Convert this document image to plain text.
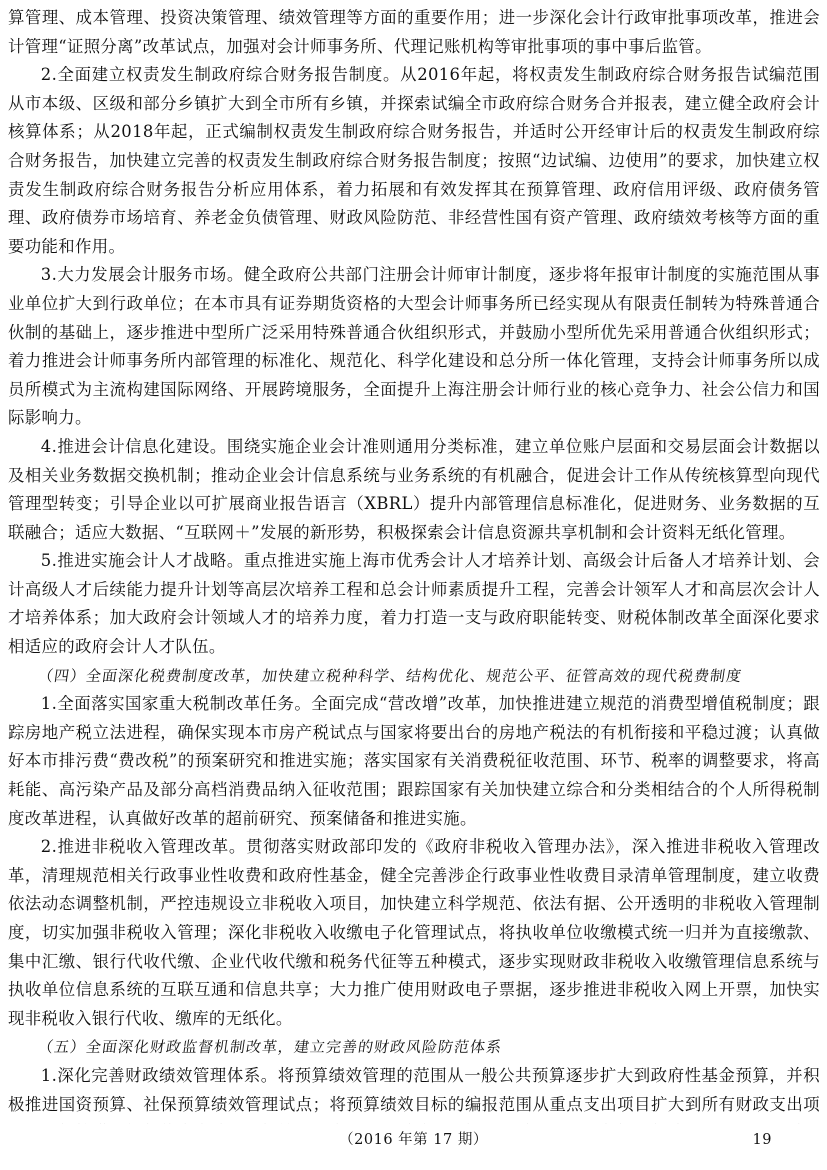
算管理、成本管理、投资决策管理、绩效管理等方面的重要作用；进一步深化会计行政审批事项改革，推进会计管理“证照分离”改革试点，加强对会计师事务所、代理记账机构等审批事项的事中事后监管。

2.全面建立权责发生制政府综合财务报告制度。从2016年起，将权责发生制政府综合财务报告试编范围从市本级、区级和部分乡镇扩大到全市所有乡镇，并探索试编全市政府综合财务合并报表，建立健全政府会计核算体系；从2018年起，正式编制权责发生制政府综合财务报告，并适时公开经审计后的权责发生制政府综合财务报告，加快建立完善的权责发生制政府综合财务报告制度；按照“边试编、边使用”的要求，加快建立权责发生制政府综合财务报告分析应用体系，着力拓展和有效发挥其在预算管理、政府信用评级、政府债务管理、政府债券市场培育、养老金负债管理、财政风险防范、非经营性国有资产管理、政府绩效考核等方面的重要功能和作用。

3.大力发展会计服务市场。健全政府公共部门注册会计师审计制度，逐步将年报审计制度的实施范围从事业单位扩大到行政单位；在本市具有证券期货资格的大型会计师事务所已经实现从有限责任制转为特殊普通合伙制的基础上，逐步推进中型所广泛采用特殊普通合伙组织形式，并鼓励小型所优先采用普通合伙组织形式；着力推进会计师事务所内部管理的标准化、规范化、科学化建设和总分所一体化管理，支持会计师事务所以成员所模式为主流构建国际网络、开展跨境服务，全面提升上海注册会计师行业的核心竞争力、社会公信力和国际影响力。

4.推进会计信息化建设。围绕实施企业会计准则通用分类标准，建立单位账户层面和交易层面会计数据以及相关业务数据交换机制；推动企业会计信息系统与业务系统的有机融合，促进会计工作从传统核算型向现代管理型转变；引导企业以可扩展商业报告语言（XBRL）提升内部管理信息标准化，促进财务、业务数据的互联融合；适应大数据、“互联网＋”发展的新形势，积极探索会计信息资源共享机制和会计资料无纸化管理。

5.推进实施会计人才战略。重点推进实施上海市优秀会计人才培养计划、高级会计后备人才培养计划、会计高级人才后续能力提升计划等高层次培养工程和总会计师素质提升工程，完善会计领军人才和高层次会计人才培养体系；加大政府会计领域人才的培养力度，着力打造一支与政府职能转变、财税体制改革全面深化要求相适应的政府会计人才队伍。

（四）全面深化税费制度改革，加快建立税种科学、结构优化、规范公平、征管高效的现代税费制度

1.全面落实国家重大税制改革任务。全面完成“营改增”改革，加快推进建立规范的消费型增值税制度；跟踪房地产税立法进程，确保实现本市房产税试点与国家将要出台的房地产税法的有机衔接和平稳过渡；认真做好本市排污费“费改税”的预案研究和推进实施；落实国家有关消费税征收范围、环节、税率的调整要求，将高耗能、高污染产品及部分高档消费品纳入征收范围；跟踪国家有关加快建立综合和分类相结合的个人所得税制度改革进程，认真做好改革的超前研究、预案储备和推进实施。

2.推进非税收入管理改革。贯彻落实财政部印发的《政府非税收入管理办法》，深入推进非税收入管理改革，清理规范相关行政事业性收费和政府性基金，健全完善涉企行政事业性收费目录清单管理制度，建立收费依法动态调整机制，严控违规设立非税收入项目，加快建立科学规范、依法有据、公开透明的非税收入管理制度，切实加强非税收入管理；深化非税收入收缴电子化管理试点，将执收单位收缴模式统一归并为直接缴款、集中汇缴、银行代收代缴、企业代收代缴和税务代征等五种模式，逐步实现财政非税收入收缴管理信息系统与执收单位信息系统的互联互通和信息共享；大力推广使用财政电子票据，逐步推进非税收入网上开票，加快实现非税收入银行代收、缴库的无纸化。

（五）全面深化财政监督机制改革，建立完善的财政风险防范体系

1.深化完善财政绩效管理体系。将预算绩效管理的范围从一般公共预算逐步扩大到政府性基金预算，并积极推进国资预算、社保预算绩效管理试点；将预算绩效目标的编报范围从重点支出项目扩大到所有财政支出项

（2016 年第 17 期）	19
